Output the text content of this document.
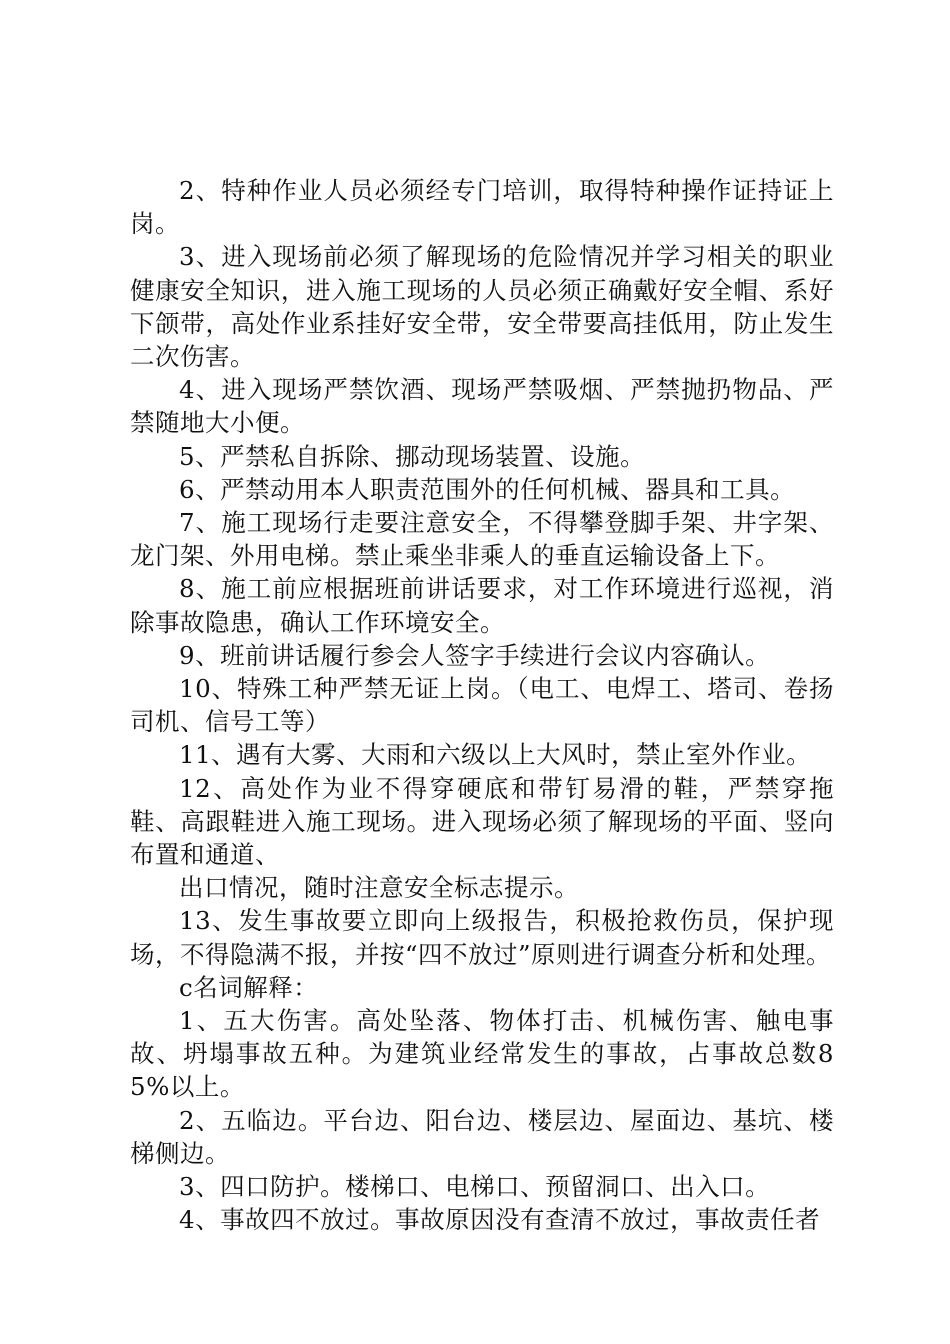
2、特种作业人员必须经专门培训，取得特种操作证持证上岗。

3、进入现场前必须了解现场的危险情况并学习相关的职业健康安全知识，进入施工现场的人员必须正确戴好安全帽、系好下颌带，高处作业系挂好安全带，安全带要高挂低用，防止发生二次伤害。

4、进入现场严禁饮酒、现场严禁吸烟、严禁抛扔物品、严禁随地大小便。

5、严禁私自拆除、挪动现场装置、设施。

6、严禁动用本人职责范围外的任何机械、器具和工具。

7、施工现场行走要注意安全，不得攀登脚手架、井字架、龙门架、外用电梯。禁止乘坐非乘人的垂直运输设备上下。

8、施工前应根据班前讲话要求，对工作环境进行巡视，消除事故隐患，确认工作环境安全。

9、班前讲话履行参会人签字手续进行会议内容确认。

10、特殊工种严禁无证上岗。（电工、电焊工、塔司、卷扬司机、信号工等）

11、遇有大雾、大雨和六级以上大风时，禁止室外作业。

12、高处作为业不得穿硬底和带钉易滑的鞋，严禁穿拖鞋、高跟鞋进入施工现场。进入现场必须了解现场的平面、竖向布置和通道、

出口情况，随时注意安全标志提示。

13、发生事故要立即向上级报告，积极抢救伤员，保护现场，不得隐满不报，并按“四不放过”原则进行调查分析和处理。

c名词解释：

1、五大伤害。高处坠落、物体打击、机械伤害、触电事故、坍塌事故五种。为建筑业经常发生的事故，占事故总数85%以上。

2、五临边。平台边、阳台边、楼层边、屋面边、基坑、楼梯侧边。

3、四口防护。楼梯口、电梯口、预留洞口、出入口。

4、事故四不放过。事故原因没有查清不放过，事故责任者
